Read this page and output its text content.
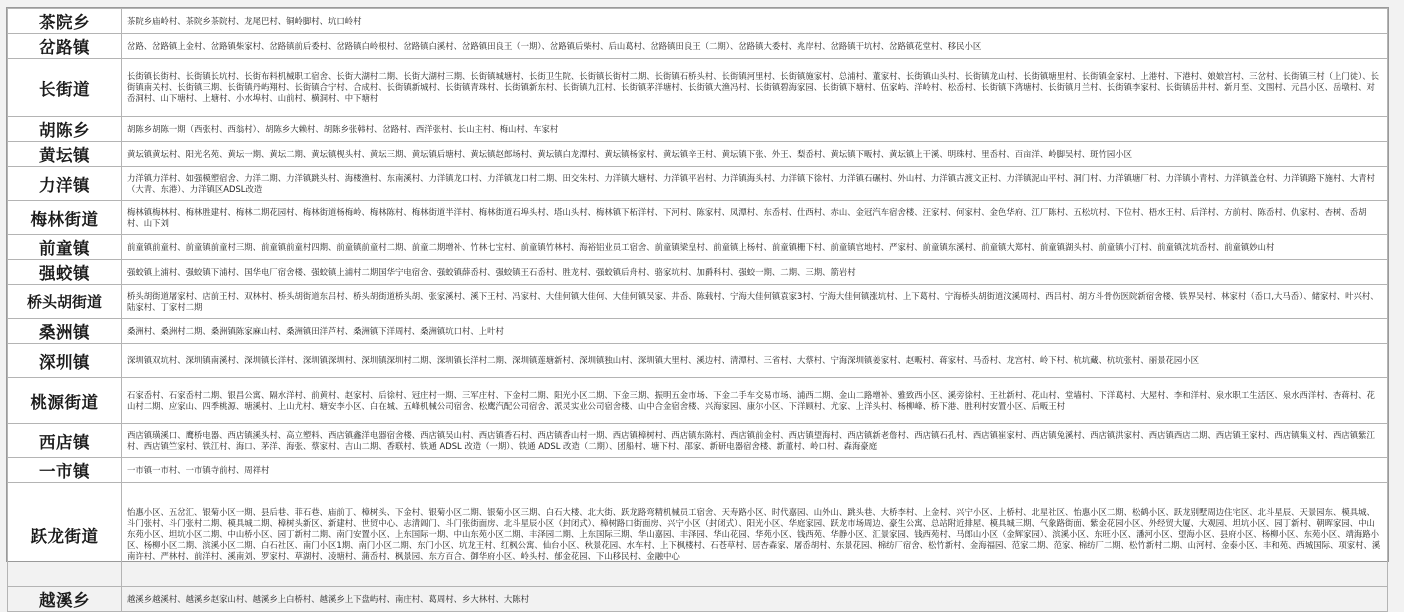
茶院乡	茶院乡庙岭村、茶院乡茶院村、龙尾巴村、铜岭脚村、坑口岭村
岔路镇	岔路、岔路镇上金村、岔路镇柴家村、岔路镇前后委村、岔路镇白岭根村、岔路镇白溪村、岔路镇田良王（一期）、岔路镇后柴村、后山葛村、岔路镇田良王（二期）、岔路镇大委村、兆岸村、岔路镇干坑村、岔路镇花堂村、移民小区
长街道	长街镇长街村、长街镇长坑村、长街布料机械职工宿舍、长街大湖村二期、长街大湖村三期、长街镇城塘村、长街卫生院、长街镇长街村二期、长街镇石桥头村、长街镇河里村、长街镇施家村、总浦村、董家村、长街镇山头村、长街镇龙山村、长街镇塘里村、长街镇金家村、上港村、下港村、娘娘宫村、三岔村、长街镇三村（上门徒）、长街镇南关村、长街镇三期、长街镇丹屿翔村、长街镇合宁村、合成村、长街镇新城村、长街镇青珠村、长街镇新东村、长街镇九江村、长街镇茅洋塘村、长街镇大渔冯村、长街镇碧海家园、长街镇下塘村、伍家屿、洋岭村、松岙村、长街镇下湾塘村、长街镇月兰村、长街镇李家村、长街镇岳井村、新月至、文围村、元昌小区、岳墩村、对岙洞村、山下塘村、上塘村、小水埠村、山前村、横洞村、中下塘村
胡陈乡	胡陈乡胡陈一期（西张村、西翁村）、胡陈乡大赖村、胡陈乡张韩村、岔路村、西洋张村、长山主村、梅山村、车家村
黄坛镇	黄坛镇黄坛村、阳光名苑、黄坛一期、黄坛二期、黄坛镇枧头村、黄坛三期、黄坛镇后塘村、黄坛镇赵郎场村、黄坛镇白龙潭村、黄坛镇杨家村、黄坛镇辛王村、黄坛镇下张、外王、梨岙村、黄坛镇下畈村、黄坛镇上干溪、明珠村、里岙村、百亩洋、岭脚吴村、斑竹园小区
力洋镇	力洋镇力洋村、如强模塑宿舍、力洋二期、力洋镇跳头村、海楼渔村、东南溪村、力洋镇龙口村、力洋镇龙口村二期、田交朱村、力洋镇大塘村、力洋镇平岩村、力洋镇海头村、力洋镇下徐村、力洋镇石碾村、外山村、力洋镇古渡文正村、力洋镇泥山平村、洞门村、力洋镇塘厂村、力洋镇小青村、力洋镇盖仓村、力洋镇路下施村、大青村（大青、东港）、力洋镇区ADSL改造
梅林街道	梅林镇梅林村、梅林胜建村、梅林二期花园村、梅林街道杨梅岭、梅林陈村、梅林街道半洋村、梅林街道石埠头村、塔山头村、梅林镇下柘洋村、下河村、陈家村、凤潭村、东岙村、仕西村、赤山、金冠汽车宿舍楼、汪家村、何家村、金色华府、江厂陈村、五松坑村、下位村、梧水王村、后洋村、方前村、陈岙村、仇家村、杏树、岙胡村、山下刘
前童镇	前童镇前童村、前童镇前童村三期、前童镇前童村四期、前童镇前童村二期、前童二期增补、竹林七宝村、前童镇竹林村、海裕铝业员工宿舍、前童镇梁皇村、前童镇上杨村、前童镇栅下村、前童镇官地村、严家村、前童镇东溪村、前童镇大郑村、前童镇湖头村、前童镇小汀村、前童镇沈坑岙村、前童镇妙山村
强蛟镇	强蛟镇上浦村、强蛟镇下浦村、国华电厂宿舍楼、强蛟镇上浦村二期国华宁电宿舍、强蛟镇薛岙村、强蛟镇王石岙村、胜龙村、强蛟镇后舟村、骆家坑村、加爵科村、强蛟一期、二期、三期、箭岩村
桥头胡街道	桥头胡街道屠家村、店前王村、双林村、桥头胡街道东吕村、桥头胡街道桥头胡、张家溪村、溪下王村、冯家村、大佳何镇大佳何、大佳何镇吴家、井岙、陈载村、宁海大佳何镇袁家3村、宁海大佳何镇涨坑村、上下葛村、宁海桥头胡街道汶溪周村、西吕村、胡方斗骨伤医院新宿舍楼、铁界吴村、林家村（岙口,大马岙）、储家村、叶兴村、陆家村、丁家村二期
桑洲镇	桑洲村、桑洲村二期、桑洲镇陈家麻山村、桑洲镇田洋芦村、桑洲镇下洋周村、桑洲镇坑口村、上叶村
深圳镇	深圳镇双坑村、深圳镇南溪村、深圳镇长洋村、深圳镇深圳村、深圳镇深圳村二期、深圳镇长洋村二期、深圳镇莲塘新村、深圳镇独山村、深圳镇大里村、溪边村、清潭村、三省村、大蔡村、宁海深圳镇姜家村、赵畈村、蒋家村、马岙村、龙宫村、岭下村、杭坑藏、杭坑张村、丽景花园小区
桃源街道	石家岙村、石家岙村二期、银昌公寓、隔水洋村、前黄村、赵家村、后徐村、冠庄村一期、三军庄村、下金村二期、阳光小区二期、下金三期、振明五金市场、下金二手车交易市场、浦西二期、金山二路增补、雅致西小区、溪旁徐村、王社新村、花山村、堂墙村、下洋葛村、大屋村、李和洋村、泉水职工生活区、泉水西洋村、杏蒋村、花山村二期、应家山、四季桃源、塘溪村、上山尤村、塘安李小区、白在城、五峰机械公司宿舍、松鹰汽配公司宿舍、派灵实业公司宿舍楼、山中合金宿舍楼、兴海家园、康尔小区、下洋顾村、尤家、上洋头村、杨柳峰、桥下港、胜利村安置小区、后畈王村
西店镇	西店镇璜溪口、鹰桥电器、西店镇溪头村、高立塑料、西店镇鑫洋电器宿舍楼、西店镇吴山村、西店镇香石村、西店镇香山村一期、西店镇樟树村、西店镇东陈村、西店镇前金村、西店镇望海村、西店镇新老詹村、西店镇石孔村、西店镇崔家村、西店镇兔溪村、西店镇洪家村、西店镇西店二期、西店镇王家村、西店镇集义村、西店镇紫江村、西店镇竺家村、铁江村、海口、茅洋、海张、蔡家村、吉山二期、香联村、铁通 ADSL 改造（一期）、铁通 ADSL 改造（二期）、团船村、塘下村、邵家、新研电器宿舍楼、新董村、岭口村、森海豪庭
一市镇	一市镇一市村、一市镇寺前村、周祥村
跃龙街道	怡惠小区、五岔汇、银菊小区一期、县后巷、菲石巷、庙前丁、樟树头、下金村、银菊小区二期、银菊小区三期、白石大楼、北大街、跃龙路弯精机械员工宿舍、天寿路小区、时代嘉园、山外山、跳头巷、大桥李村、上金村、兴宁小区、上桥村、北星社区、怡惠小区二期、松鹤小区、跃龙别墅周边住宅区、北斗星辰、天景园东、模具城、斗门张村、斗门张村二期、模具城二期、樟树头新区、新建村、世贸中心、志清阊门、斗门张街面房、北斗星辰小区（封闭式）、樟树路口街面房、兴宁小区（封闭式）、阳光小区、华庭家园、跃龙市场周边、豪生公寓、总站附近排屋、模具城三期、气象路街面、紫金花园小区、外经贸大厦、大观园、坦坑小区、园丁新村、朝晖家园、中山东苑小区、坦坑小区二期、中山桥小区、园丁新村二期、南门安置小区、上东国际一期、中山东苑小区二期、丰泽园二期、上东国际三期、华山嘉园、丰泽园、华山花园、华苑小区、钱西苑、华静小区、汇景家园、钱西苑村、马郎山小区（金辉家园）、滨溪小区、东旺小区、潘河小区、望海小区、县府小区、杨柳小区、东苑小区、靖海路小区、杨柳小区二期、滨溪小区二期、白石社区、南门小区1期、南门小区二期、东门小区、坑龙王村、红枫公寓、仙台小区、秋景花园、水车村、上下枫楼村、石苍草村、居杏森家、屠岙胡村、东景花园、棉纺厂宿舍、松竹新村、金海福园、范家二期、范家、棉纺厂二期、松竹新村二期、山河村、金泰小区、丰和苑、西城国际、项家村、溪南许村、严林村、前洋村、溪南刘、罗家村、草湖村、凌塘村、蒲岙村、枫景园、东方百合、御华府小区、岭头村、郁金花园、下山移民村、金融中心
越溪乡	越溪乡越溪村、越溪乡赵家山村、越溪乡上白桥村、越溪乡上下盘屿村、南庄村、葛周村、乡大林村、大陈村
